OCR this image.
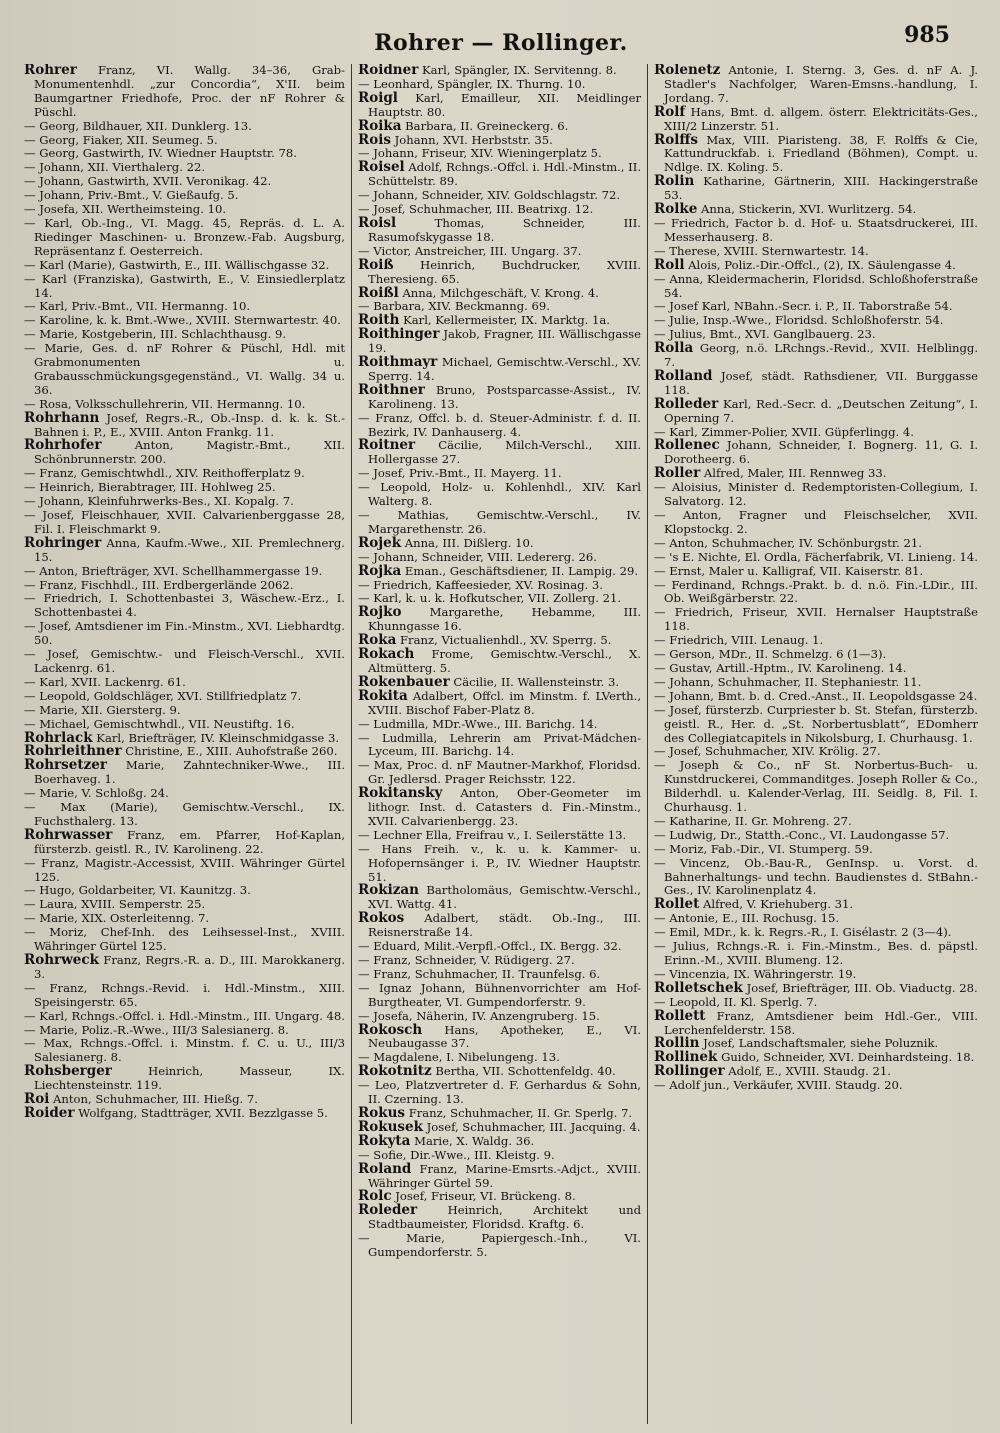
Rohrer — Rollinger.	985
Rohrer Franz, VI. Wallg. 34–36, Grab-Monumentenhdl. „zur Concordia“, X'II. beim Baumgartner Friedhofe, Proc. der nF Rohrer & Püschl.
— Georg, Bildhauer, XII. Dunklerg. 13.
— Georg, Fiaker, XII. Seumeg. 5.
— Georg, Gastwirth, IV. Wiedner Hauptstr. 78.
— Johann, XII. Vierthalerg. 22.
— Johann, Gastwirth, XVII. Veronikag. 42.
— Johann, Priv.-Bmt., V. Gießaufg. 5.
— Josefa, XII. Wertheimsteing. 10.
— Karl, Ob.-Ing., VI. Magg. 45, Repräs. d. L. A. Riedinger Maschinen- u. Bronzew.-Fab. Augsburg, Repräsentanz f. Oesterreich.
— Karl (Marie), Gastwirth, E., III. Wällischgasse 32.
— Karl (Franziska), Gastwirth, E., V. Einsiedlerplatz 14.
— Karl, Priv.-Bmt., VII. Hermanng. 10.
— Karoline, k. k. Bmt.-Wwe., XVIII. Sternwartestr. 40.
— Marie, Kostgeberin, III. Schlachthausg. 9.
— Marie, Ges. d. nF Rohrer & Püschl, Hdl. mit Grabmonumenten u. Grabausschmückungsgegenständ., VI. Wallg. 34 u. 36.
— Rosa, Volksschullehrerin, VII. Hermanng. 10.
Rohrhann Josef, Regrs.-R., Ob.-Insp. d. k. k. St.-Bahnen i. P., E., XVIII. Anton Frankg. 11.
Rohrhofer	Anton, Magistr.-Bmt., XII. Schönbrunnerstr. 200.
— Franz, Gemischtwhdl., XIV. Reithofferplatz 9.
— Heinrich, Bierabtrager, III. Hohlweg 25.
— Johann, Kleinfuhrwerks-Bes., XI. Kopalg. 7.
— Josef, Fleischhauer, XVII. Calvarienberggasse 28, Fil. I. Fleischmarkt 9.
Rohringer Anna, Kaufm.-Wwe., XII. Premlechnerg. 15.
— Anton, Briefträger, XVI. Schellhammergasse 19.
— Franz, Fischhdl., III. Erdbergerlände 2062.
— Friedrich, I. Schottenbastei 3, Wäschew.-Erz., I. Schottenbastei 4.
— Josef, Amtsdiener im Fin.-Minstm., XVI. Liebhardtg. 50.
— Josef, Gemischtw.- und Fleisch-Verschl., XVII. Lackenrg. 61.
— Karl, XVII. Lackenrg. 61.
— Leopold, Goldschläger, XVI. Stillfriedplatz 7.
— Marie, XII. Giersterg. 9.
— Michael, Gemischtwhdl., VII. Neustiftg. 16.
Rohrlack Karl, Briefträger, IV. Kleinschmidgasse 3.
Rohrleithner Christine, E., XIII. Auhofstraße 260.
Rohrsetzer Marie, Zahntechniker-Wwe., III. Boerhaveg. 1.
— Marie, V. Schloßg. 24.
— Max (Marie), Gemischtw.-Verschl., IX. Fuchsthalerg. 13.
Rohrwasser Franz, em. Pfarrer, Hof-Kaplan, fürsterzb. geistl. R., IV. Karolineng. 22.
— Franz, Magistr.-Accessist, XVIII. Währinger Gürtel 125.
— Hugo, Goldarbeiter, VI. Kaunitzg. 3.
— Laura, XVIII. Semperstr. 25.
— Marie, XIX. Osterleitenng. 7.
— Moriz, Chef-Inh. des Leihsessel-Inst., XVIII. Währinger Gürtel 125.
Rohrweck Franz, Regrs.-R. a. D., III. Marokkanerg. 3.
— Franz, Rchngs.-Revid. i. Hdl.-Minstm., XIII. Speisingerstr. 65.
— Karl, Rchngs.-Offcl. i. Hdl.-Minstm., III. Ungarg. 48.
— Marie, Poliz.-R.-Wwe., III/3 Salesianerg. 8.
— Max, Rchngs.-Offcl. i. Minstm. f. C. u. U., III/3 Salesianerg. 8.
Rohsberger	Heinrich, Masseur, IX. Liechtensteinstr. 119.
Roi Anton, Schuhmacher, III. Hießg. 7.
Roider Wolfgang, Stadtträger, XVII. Bezzlgasse 5.
Roidner Karl, Spängler, IX. Servitenng. 8.
— Leonhard, Spängler, IX. Thurng. 10.
Roigl Karl, Emailleur, XII. Meidlinger Hauptstr. 80.
Roika Barbara, II. Greineckerg. 6.
Rois Johann, XVI. Herbststr. 35.
— Johann, Friseur, XIV. Wieningerplatz 5.
Roisel Adolf, Rchngs.-Offcl. i. Hdl.-Minstm., II. Schüttelstr. 89.
— Johann, Schneider, XIV. Goldschlagstr. 72.
— Josef, Schuhmacher, III. Beatrixg. 12.
Roisl	Thomas, Schneider, III. Rasumofskygasse 18.
— Victor, Anstreicher, III. Ungarg. 37.
Roiß Heinrich, Buchdrucker, XVIII. Theresieng. 65.
Roißl Anna, Milchgeschäft, V. Krong. 4.
— Barbara, XIV. Beckmanng. 69.
Roith Karl, Kellermeister, IX. Marktg. 1a.
Roithinger Jakob, Fragner, III. Wällischgasse 19.
Roithmayr Michael, Gemischtw.-Verschl., XV. Sperrg. 14.
Roithner Bruno, Postsparcasse-Assist., IV. Karolineng. 13.
— Franz, Offcl. b. d. Steuer-Administr. f. d. II. Bezirk, IV. Danhauserg. 4.
Roitner Cäcilie, Milch-Verschl., XIII. Hollergasse 27.
— Josef, Priv.-Bmt., II. Mayerg. 11.
— Leopold, Holz- u. Kohlenhdl., XIV. Karl Walterg. 8.
— Mathias, Gemischtw.-Verschl., IV. Margarethenstr. 26.
Rojek Anna, III. Dißlerg. 10.
— Johann, Schneider, VIII. Ledererg. 26.
Rojka Eman., Geschäftsdiener, II. Lampig. 29.
— Friedrich, Kaffeesieder, XV. Rosinag. 3.
— Karl, k. u. k. Hofkutscher, VII. Zollerg. 21.
Rojko Margarethe, Hebamme, III. Khunngasse 16.
Roka Franz, Victualienhdl., XV. Sperrg. 5.
Rokach Frome, Gemischtw.-Verschl., X. Altmütterg. 5.
Rokenbauer Cäcilie, II. Wallensteinstr. 3.
Rokita Adalbert, Offcl. im Minstm. f. LVerth., XVIII. Bischof Faber-Platz 8.
— Ludmilla, MDr.-Wwe., III. Barichg. 14.
— Ludmilla, Lehrerin am Privat-Mädchen-Lyceum, III. Barichg. 14.
— Max, Proc. d. nF Mautner-Markhof, Floridsd. Gr. Jedlersd. Prager Reichsstr. 122.
Rokitansky Anton, Ober-Geometer im lithogr. Inst. d. Catasters d. Fin.-Minstm., XVII. Calvarienbergg. 23.
— Lechner Ella, Freifrau v., I. Seilerstätte 13.
— Hans Freih. v., k. u. k. Kammer- u. Hofopernsänger i. P., IV. Wiedner Hauptstr. 51.
Rokizan Bartholomäus, Gemischtw.-Verschl., XVI. Wattg. 41.
Rokos Adalbert, städt. Ob.-Ing., III. Reisnerstraße 14.
— Eduard, Milit.-Verpfl.-Offcl., IX. Bergg. 32.
— Franz, Schneider, V. Rüdigerg. 27.
— Franz, Schuhmacher, II. Traunfelsg. 6.
— Ignaz Johann, Bühnenvorrichter am Hof-Burgtheater, VI. Gumpendorferstr. 9.
— Josefa, Näherin, IV. Anzengruberg. 15.
Rokosch Hans, Apotheker, E., VI. Neubaugasse 37.
— Magdalene, I. Nibelungeng. 13.
Rokotnitz Bertha, VII. Schottenfeldg. 40.
— Leo, Platzvertreter d. F. Gerhardus & Sohn, II. Czerning. 13.
Rokus Franz, Schuhmacher, II. Gr. Sperlg. 7.
Rokusek Josef, Schuhmacher, III. Jacquing. 4.
Rokyta Marie, X. Waldg. 36.
— Sofie, Dir.-Wwe., III. Kleistg. 9.
Roland Franz, Marine-Emsrts.-Adjct., XVIII. Währinger Gürtel 59.
Rolc Josef, Friseur, VI. Brückeng. 8.
Roleder	Heinrich, Architekt und Stadtbaumeister, Floridsd. Kraftg. 6.
— Marie, Papiergesch.-Inh., VI. Gumpendorferstr. 5.
Rolenetz Antonie, I. Sterng. 3, Ges. d. nF A. J. Stadler's Nachfolger, Waren-Emsns.-handlung, I. Jordang. 7.
Rolf Hans, Bmt. d. allgem. österr. Elektricitäts-Ges., XIII/2 Linzerstr. 51.
Rolffs Max, VIII. Piaristeng. 38, F. Rolffs & Cie, Kattundruckfab. i. Friedland (Böhmen), Compt. u. Ndlge. IX. Koling. 5.
Rolin Katharine, Gärtnerin, XIII. Hackingerstraße 53.
Rolke Anna, Stickerin, XVI. Wurlitzerg. 54.
— Friedrich, Factor b. d. Hof- u. Staatsdruckerei, III. Messerhauserg. 8.
— Therese, XVIII. Sternwartestr. 14.
Roll Alois, Poliz.-Dir.-Offcl., (2), IX. Säulengasse 4.
— Anna, Kleidermacherin, Floridsd. Schloßhoferstraße 54.
— Josef Karl, NBahn.-Secr. i. P., II. Taborstraße 54.
— Julie, Insp.-Wwe., Floridsd. Schloßhoferstr. 54.
— Julius, Bmt., XVI. Ganglbauerg. 23.
Rolla Georg, n.ö. LRchngs.-Revid., XVII. Helblingg. 7.
Rolland Josef, städt. Rathsdiener, VII. Burggasse 118.
Rolleder Karl, Red.-Secr. d. „Deutschen Zeitung“, I. Operning 7.
— Karl, Zimmer-Polier, XVII. Güpferlingg. 4.
Rollenec Johann, Schneider, I. Bognerg. 11, G. I. Dorotheerg. 6.
Roller Alfred, Maler, III. Rennweg 33.
— Aloisius, Minister d. Redemptoristen-Collegium, I. Salvatorg. 12.
— Anton, Fragner und Fleischselcher, XVII. Klopstockg. 2.
— Anton, Schuhmacher, IV. Schönburgstr. 21.
— 's E. Nichte, El. Ordla, Fächerfabrik, VI. Linieng. 14.
— Ernst, Maler u. Kalligraf, VII. Kaiserstr. 81.
— Ferdinand, Rchngs.-Prakt. b. d. n.ö. Fin.-LDir., III. Ob. Weißgärberstr. 22.
— Friedrich, Friseur, XVII. Hernalser Hauptstraße 118.
— Friedrich, VIII. Lenaug. 1.
— Gerson, MDr., II. Schmelzg. 6 (1—3).
— Gustav, Artill.-Hptm., IV. Karolineng. 14.
— Johann, Schuhmacher, II. Stephaniestr. 11.
— Johann, Bmt. b. d. Cred.-Anst., II. Leopoldsgasse 24.
— Josef, fürsterzb. Curpriester b. St. Stefan, fürsterzb. geistl. R., Her. d. „St. Norbertusblatt“, EDomherr des Collegiatcapitels in Nikolsburg, I. Churhausg. 1.
— Josef, Schuhmacher, XIV. Krölig. 27.
— Joseph & Co., nF St. Norbertus-Buch- u. Kunstdruckerei, Commanditges. Joseph Roller & Co., Bilderhdl. u. Kalender-Verlag, III. Seidlg. 8, Fil. I. Churhausg. 1.
— Katharine, II. Gr. Mohreng. 27.
— Ludwig, Dr., Statth.-Conc., VI. Laudongasse 57.
— Moriz, Fab.-Dir., VI. Stumperg. 59.
— Vincenz, Ob.-Bau-R., GenInsp. u. Vorst. d. Bahnerhaltungs- und techn. Baudienstes d. StBahn.-Ges., IV. Karolinenplatz 4.
Rollet Alfred, V. Kriehuberg. 31.
— Antonie, E., III. Rochusg. 15.
— Emil, MDr., k. k. Regrs.-R., I. Gisélastr. 2 (3—4).
— Julius, Rchngs.-R. i. Fin.-Minstm., Bes. d. päpstl. Erinn.-M., XVIII. Blumeng. 12.
— Vincenzia, IX. Währingerstr. 19.
Rolletschek Josef, Briefträger, III. Ob. Viaductg. 28.
— Leopold, II. Kl. Sperlg. 7.
Rollett Franz, Amtsdiener beim Hdl.-Ger., VIII. Lerchenfelderstr. 158.
Rollin Josef, Landschaftsmaler, siehe Poluznik.
Rollinek Guido, Schneider, XVI. Deinhardsteing. 18.
Rollinger Adolf, E., XVIII. Staudg. 21.
— Adolf jun., Verkäufer, XVIII. Staudg. 20.
